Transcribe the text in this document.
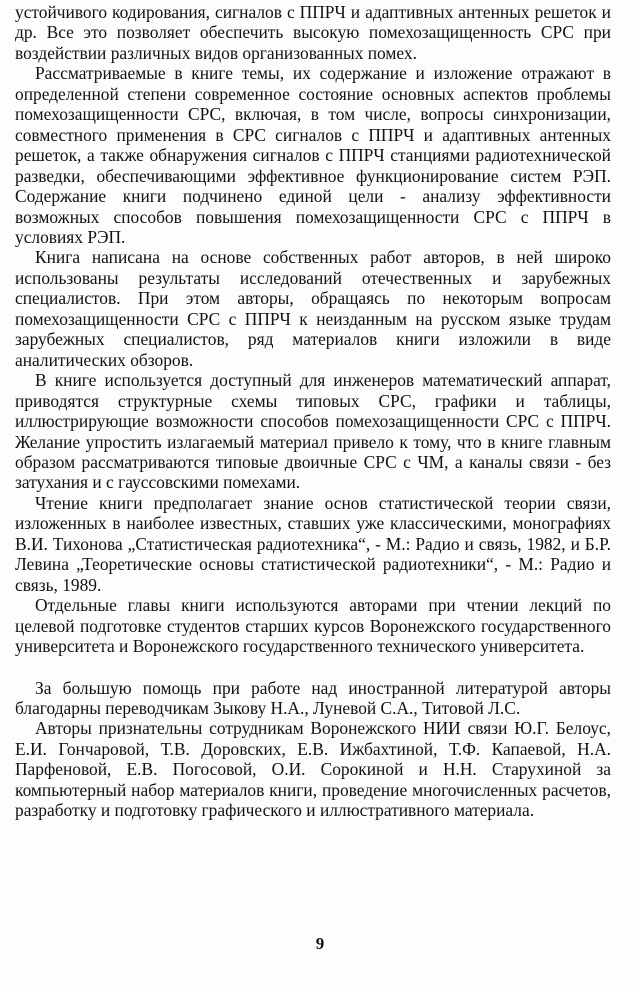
устойчивого кодирования, сигналов с ППРЧ и адаптивных антенных решеток и др. Все это позволяет обеспечить высокую помехозащищенность СРС при воздействии различных видов организованных помех.

Рассматриваемые в книге темы, их содержание и изложение отражают в определенной степени современное состояние основных аспектов проблемы помехозащищенности СРС, включая, в том числе, вопросы синхронизации, совместного применения в СРС сигналов с ППРЧ и адаптивных антенных решеток, а также обнаружения сигналов с ППРЧ станциями радиотехнической разведки, обеспечивающими эффективное функционирование систем РЭП. Содержание книги подчинено единой цели - анализу эффективности возможных способов повышения помехозащищенности СРС с ППРЧ в условиях РЭП.

Книга написана на основе собственных работ авторов, в ней широко использованы результаты исследований отечественных и зарубежных специалистов. При этом авторы, обращаясь по некоторым вопросам помехозащищенности СРС с ППРЧ к неизданным на русском языке трудам зарубежных специалистов, ряд материалов книги изложили в виде аналитических обзоров.

В книге используется доступный для инженеров математический аппарат, приводятся структурные схемы типовых СРС, графики и таблицы, иллюстрирующие возможности способов помехозащищенности СРС с ППРЧ. Желание упростить излагаемый материал привело к тому, что в книге главным образом рассматриваются типовые двоичные СРС с ЧМ, а каналы связи - без затухания и с гауссовскими помехами.

Чтение книги предполагает знание основ статистической теории связи, изложенных в наиболее известных, ставших уже классическими, монографиях В.И. Тихонова „Статистическая радиотехника“, - М.: Радио и связь, 1982, и Б.Р. Левина „Теоретические основы статистической радиотехники“, - М.: Радио и связь, 1989.

Отдельные главы книги используются авторами при чтении лекций по целевой подготовке студентов старших курсов Воронежского государственного университета и Воронежского государственного технического университета.

За большую помощь при работе над иностранной литературой авторы благодарны переводчикам Зыкову Н.А., Луневой С.А., Титовой Л.С.

Авторы признательны сотрудникам Воронежского НИИ связи Ю.Г. Белоус, Е.И. Гончаровой, Т.В. Доровских, Е.В. Ижбахтиной, Т.Ф. Капаевой, Н.А. Парфеновой, Е.В. Погосовой, О.И. Сорокиной и Н.Н. Старухиной за компьютерный набор материалов книги, проведение многочисленных расчетов, разработку и подготовку графического и иллюстративного материала.

9
